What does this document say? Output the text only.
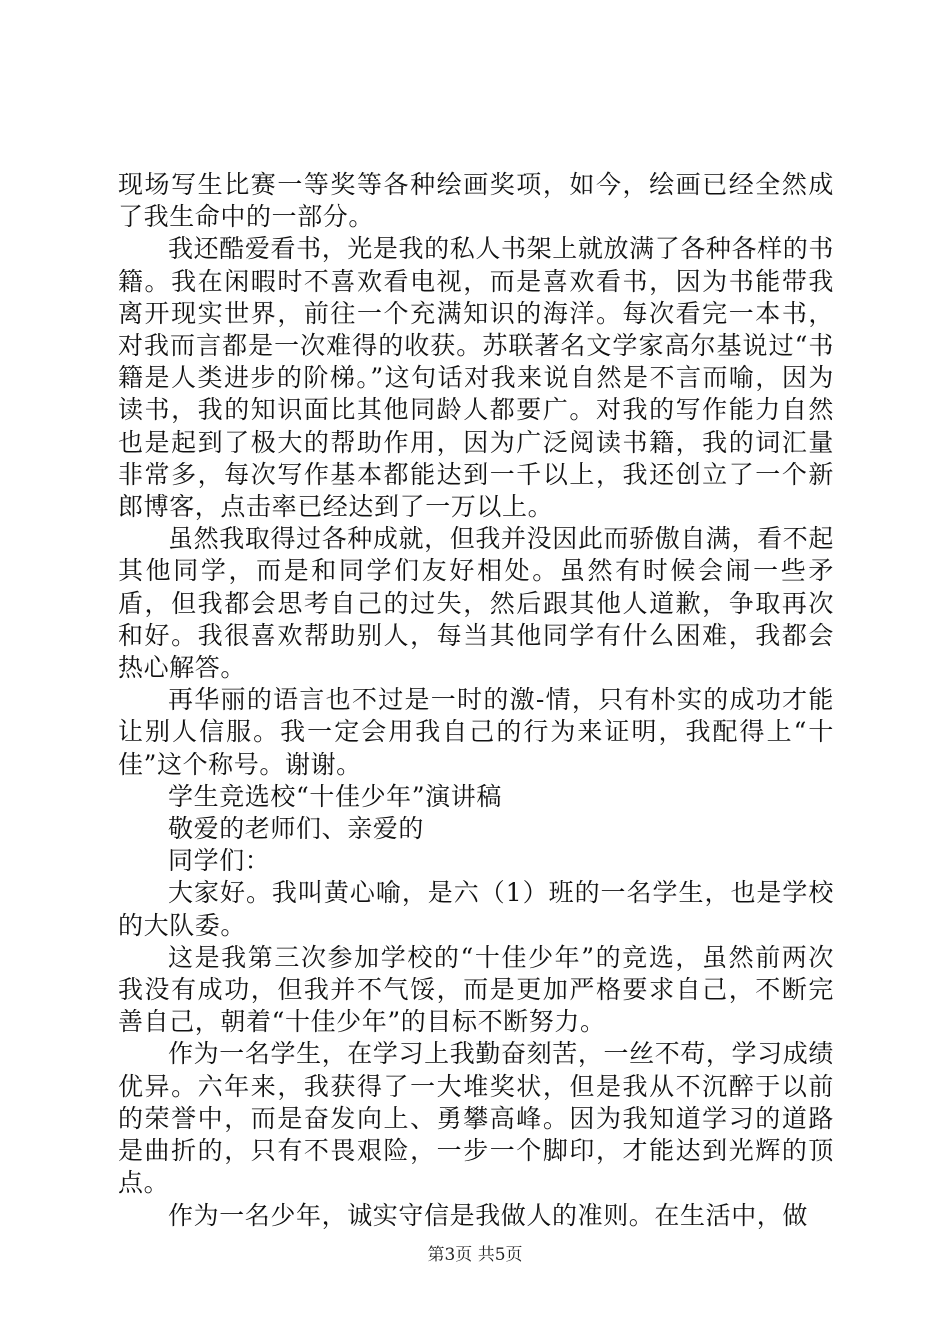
现场写生比赛一等奖等各种绘画奖项，如今，绘画已经全然成了我生命中的一部分。

我还酷爱看书，光是我的私人书架上就放满了各种各样的书籍。我在闲暇时不喜欢看电视，而是喜欢看书，因为书能带我离开现实世界，前往一个充满知识的海洋。每次看完一本书，对我而言都是一次难得的收获。苏联著名文学家高尔基说过“书籍是人类进步的阶梯。”这句话对我来说自然是不言而喻，因为读书，我的知识面比其他同龄人都要广。对我的写作能力自然也是起到了极大的帮助作用，因为广泛阅读书籍，我的词汇量非常多，每次写作基本都能达到一千以上，我还创立了一个新郎博客，点击率已经达到了一万以上。

虽然我取得过各种成就，但我并没因此而骄傲自满，看不起其他同学，而是和同学们友好相处。虽然有时候会闹一些矛盾，但我都会思考自己的过失，然后跟其他人道歉，争取再次和好。我很喜欢帮助别人，每当其他同学有什么困难，我都会热心解答。

再华丽的语言也不过是一时的激-情，只有朴实的成功才能让别人信服。我一定会用我自己的行为来证明，我配得上“十佳”这个称号。谢谢。

学生竞选校“十佳少年”演讲稿

敬爱的老师们、亲爱的

同学们：

大家好。我叫黄心喻，是六（1）班的一名学生，也是学校的大队委。

这是我第三次参加学校的“十佳少年”的竞选，虽然前两次我没有成功，但我并不气馁，而是更加严格要求自己，不断完善自己，朝着“十佳少年”的目标不断努力。

作为一名学生，在学习上我勤奋刻苦，一丝不苟，学习成绩优异。六年来，我获得了一大堆奖状，但是我从不沉醉于以前的荣誉中，而是奋发向上、勇攀高峰。因为我知道学习的道路是曲折的，只有不畏艰险，一步一个脚印，才能达到光辉的顶点。

作为一名少年，诚实守信是我做人的准则。在生活中，做

第3页 共5页
